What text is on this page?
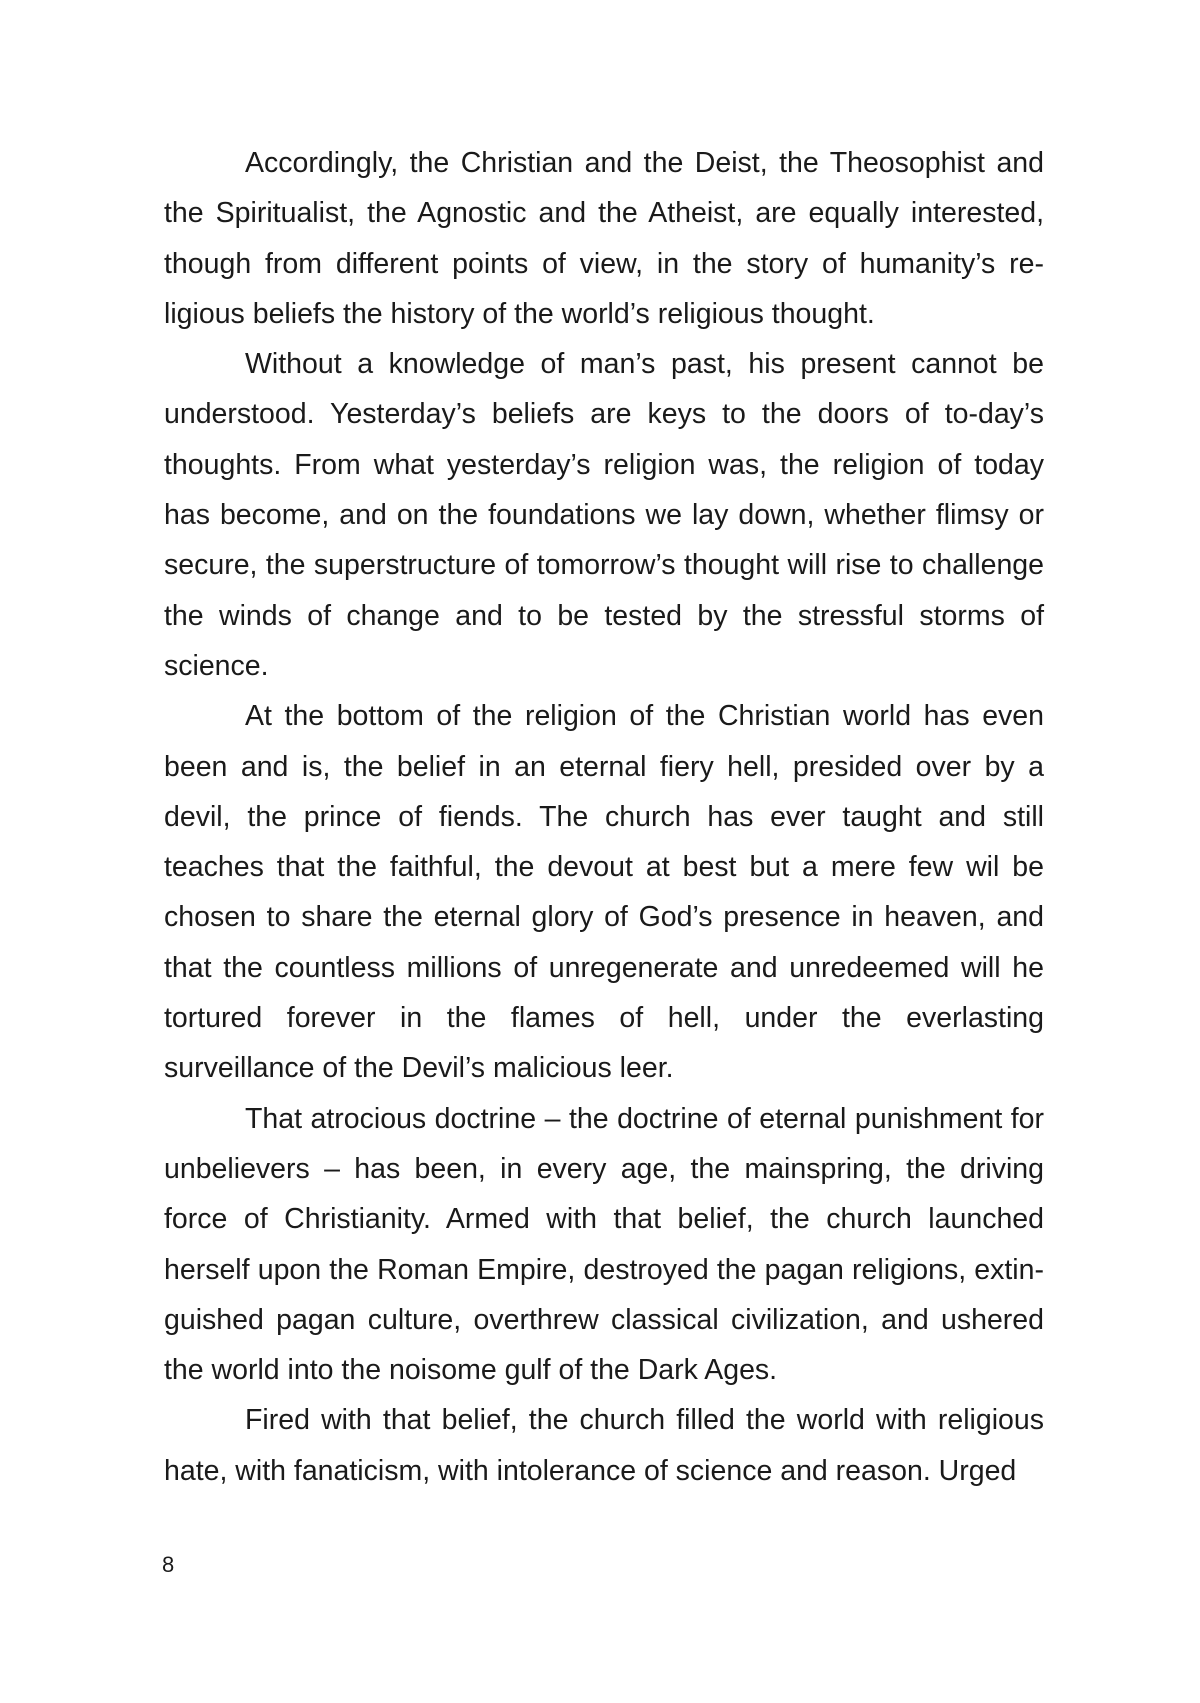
Accordingly, the Christian and the Deist, the Theosophist and the Spiritualist, the Agnostic and the Atheist, are equally interested, though from different points of view, in the story of humanity’s religious beliefs the history of the world’s religious thought.

Without a knowledge of man’s past, his present cannot be understood. Yesterday’s beliefs are keys to the doors of to-day’s thoughts. From what yesterday’s religion was, the religion of today has become, and on the foundations we lay down, whether flimsy or secure, the superstructure of tomorrow’s thought will rise to challenge the winds of change and to be tested by the stressful storms of science.

At the bottom of the religion of the Christian world has even been and is, the belief in an eternal fiery hell, presided over by a devil, the prince of fiends. The church has ever taught and still teaches that the faithful, the devout at best but a mere few wil be chosen to share the eternal glory of God’s presence in heaven, and that the countless millions of unregenerate and unredeemed will he tortured forever in the flames of hell, under the everlasting surveillance of the Devil’s malicious leer.

That atrocious doctrine – the doctrine of eternal punishment for unbelievers – has been, in every age, the mainspring, the driving force of Christianity. Armed with that belief, the church launched herself upon the Roman Empire, destroyed the pagan religions, extinguished pagan culture, overthrew classical civilization, and ushered the world into the noisome gulf of the Dark Ages.

Fired with that belief, the church filled the world with religious hate, with fanaticism, with intolerance of science and reason. Urged

8
